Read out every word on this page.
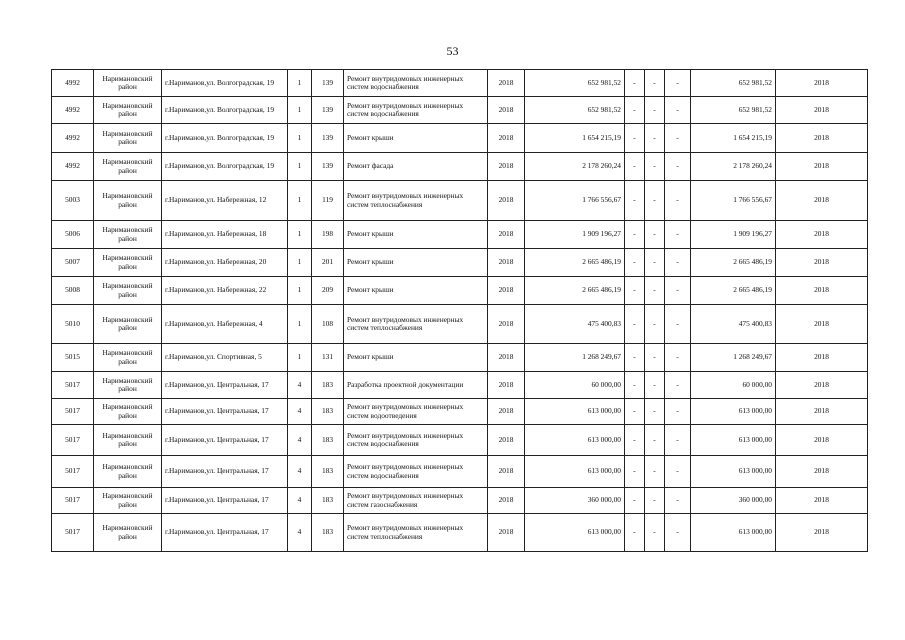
53
4992	Наримановский район	г.Нариманов,ул. Волгоградская, 19	1	139	Ремонт внутридомовых инженерных систем водоснабжения	2018	652 981,52	-	-	-	652 981,52	2018
4992	Наримановский район	г.Нариманов,ул. Волгоградская, 19	1	139	Ремонт внутридомовых инженерных систем водоснабжения	2018	652 981,52	-	-	-	652 981,52	2018
4992	Наримановский район	г.Нариманов,ул. Волгоградская, 19	1	139	Ремонт крыши	2018	1 654 215,19	-	-	-	1 654 215,19	2018
4992	Наримановский район	г.Нариманов,ул. Волгоградская, 19	1	139	Ремонт фасада	2018	2 178 260,24	-	-	-	2 178 260,24	2018
5003	Наримановский район	г.Нариманов,ул. Набережная, 12	1	119	Ремонт внутридомовых инженерных систем теплоснабжения	2018	1 766 556,67	-	-	-	1 766 556,67	2018
5006	Наримановский район	г.Нариманов,ул. Набережная, 18	1	198	Ремонт крыши	2018	1 909 196,27	-	-	-	1 909 196,27	2018
5007	Наримановский район	г.Нариманов,ул. Набережная, 20	1	201	Ремонт крыши	2018	2 665 486,19	-	-	-	2 665 486,19	2018
5008	Наримановский район	г.Нариманов,ул. Набережная, 22	1	209	Ремонт крыши	2018	2 665 486,19	-	-	-	2 665 486,19	2018
5010	Наримановский район	г.Нариманов,ул. Набережная, 4	1	108	Ремонт внутридомовых инженерных систем теплоснабжения	2018	475 400,83	-	-	-	475 400,83	2018
5015	Наримановский район	г.Нариманов,ул. Спортивная, 5	1	131	Ремонт крыши	2018	1 268 249,67	-	-	-	1 268 249,67	2018
5017	Наримановский район	г.Нариманов,ул. Центральная, 17	4	183	Разработка проектной документации	2018	60 000,00	-	-	-	60 000,00	2018
5017	Наримановский район	г.Нариманов,ул. Центральная, 17	4	183	Ремонт внутридомовых инженерных систем водоотведения	2018	613 000,00	-	-	-	613 000,00	2018
5017	Наримановский район	г.Нариманов,ул. Центральная, 17	4	183	Ремонт внутридомовых инженерных систем водоснабжения	2018	613 000,00	-	-	-	613 000,00	2018
5017	Наримановский район	г.Нариманов,ул. Центральная, 17	4	183	Ремонт внутридомовых инженерных систем водоснабжения	2018	613 000,00	-	-	-	613 000,00	2018
5017	Наримановский район	г.Нариманов,ул. Центральная, 17	4	183	Ремонт внутридомовых инженерных систем газоснабжения	2018	360 000,00	-	-	-	360 000,00	2018
5017	Наримановский район	г.Нариманов,ул. Центральная, 17	4	183	Ремонт внутридомовых инженерных систем теплоснабжения	2018	613 000,00	-	-	-	613 000,00	2018
